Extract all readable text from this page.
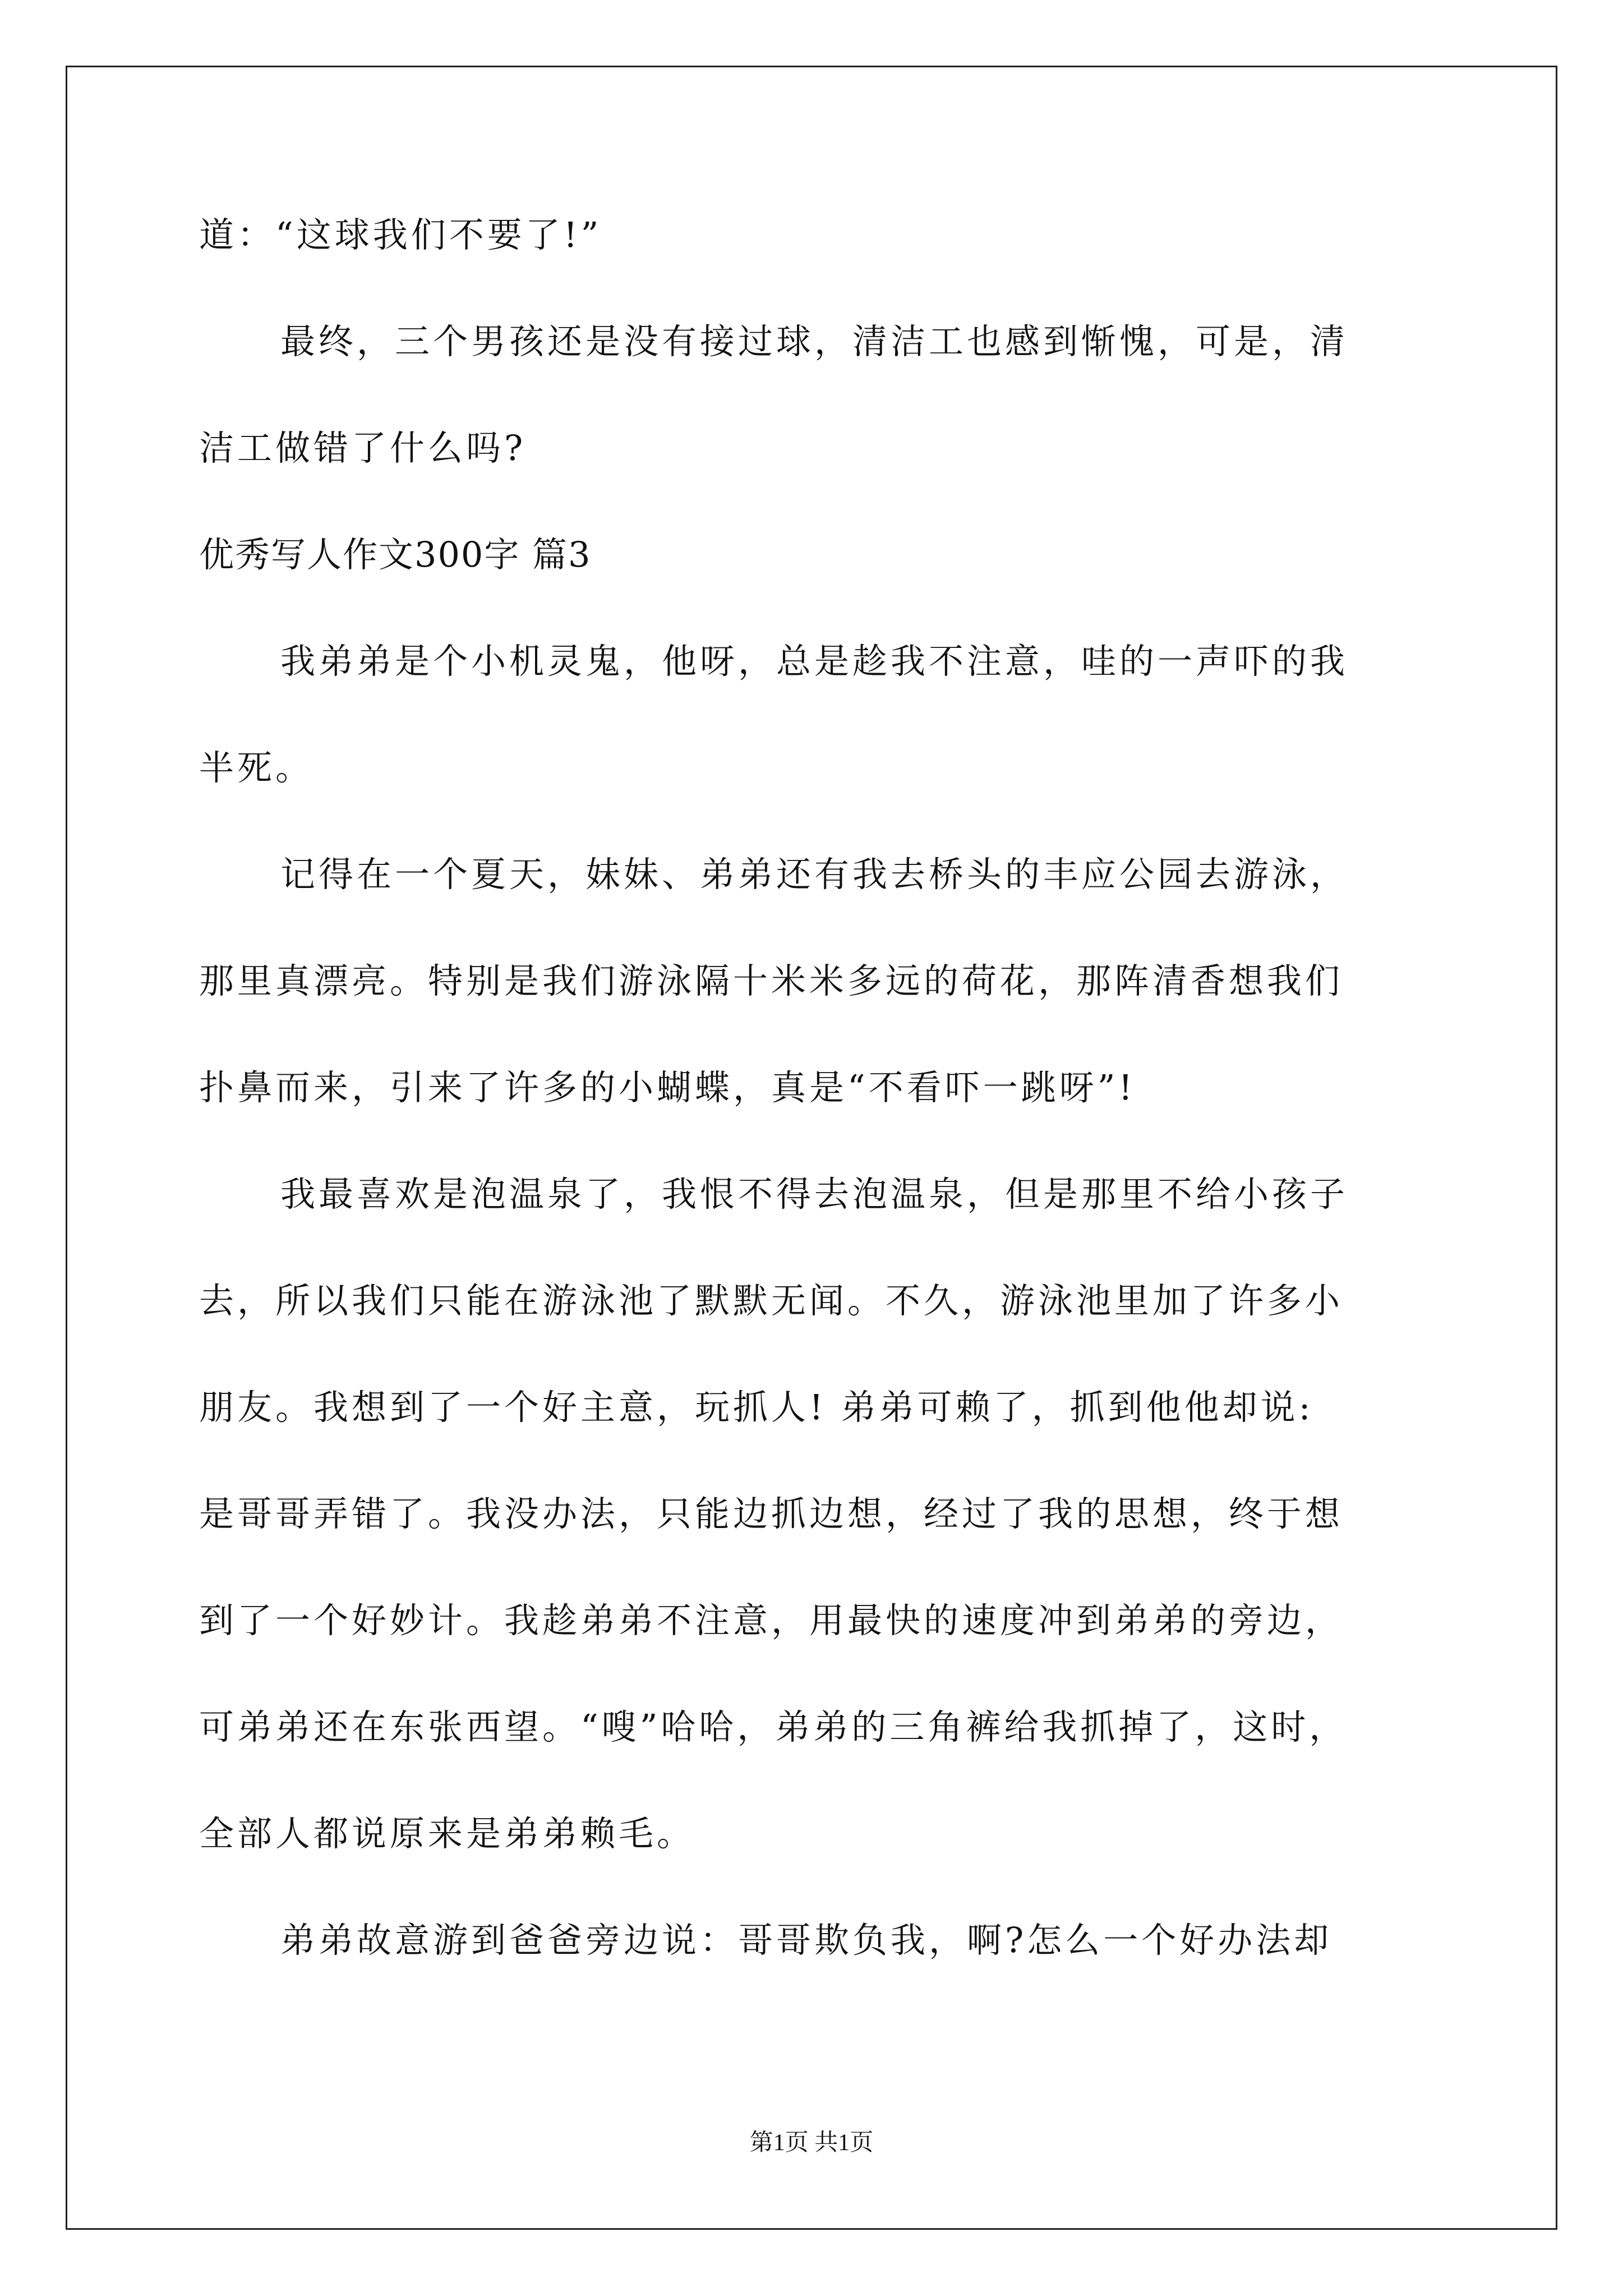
道：“这球我们不要了!”
最终，三个男孩还是没有接过球，清洁工也感到惭愧，可是，清
洁工做错了什么吗?
优秀写人作文300字 篇3
我弟弟是个小机灵鬼，他呀，总是趁我不注意，哇的一声吓的我
半死。
记得在一个夏天，妹妹、弟弟还有我去桥头的丰应公园去游泳，
那里真漂亮。特别是我们游泳隔十米米多远的荷花，那阵清香想我们
扑鼻而来，引来了许多的小蝴蝶，真是“不看吓一跳呀”!
我最喜欢是泡温泉了，我恨不得去泡温泉，但是那里不给小孩子
去，所以我们只能在游泳池了默默无闻。不久，游泳池里加了许多小
朋友。我想到了一个好主意，玩抓人! 弟弟可赖了，抓到他他却说:
是哥哥弄错了。我没办法，只能边抓边想，经过了我的思想，终于想
到了一个好妙计。我趁弟弟不注意，用最快的速度冲到弟弟的旁边，
可弟弟还在东张西望。“嗖”哈哈，弟弟的三角裤给我抓掉了，这时，
全部人都说原来是弟弟赖毛。
弟弟故意游到爸爸旁边说：哥哥欺负我，啊?怎么一个好办法却
第1页 共1页
